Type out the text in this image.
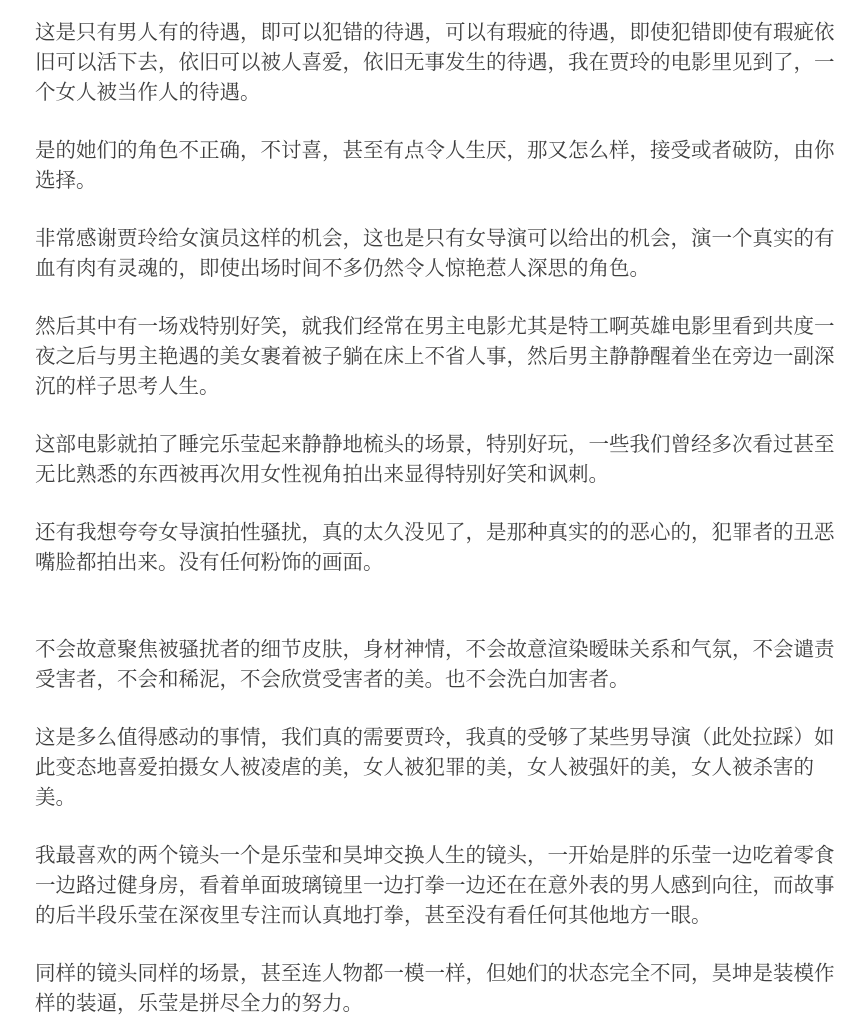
这是只有男人有的待遇，即可以犯错的待遇，可以有瑕疵的待遇，即使犯错即使有瑕疵依旧可以活下去，依旧可以被人喜爱，依旧无事发生的待遇，我在贾玲的电影里见到了，一个女人被当作人的待遇。

是的她们的角色不正确，不讨喜，甚至有点令人生厌，那又怎么样，接受或者破防，由你选择。

非常感谢贾玲给女演员这样的机会，这也是只有女导演可以给出的机会，演一个真实的有血有肉有灵魂的，即使出场时间不多仍然令人惊艳惹人深思的角色。

然后其中有一场戏特别好笑，就我们经常在男主电影尤其是特工啊英雄电影里看到共度一夜之后与男主艳遇的美女裹着被子躺在床上不省人事，然后男主静静醒着坐在旁边一副深沉的样子思考人生。

这部电影就拍了睡完乐莹起来静静地梳头的场景，特别好玩，一些我们曾经多次看过甚至无比熟悉的东西被再次用女性视角拍出来显得特别好笑和讽刺。

还有我想夸夸女导演拍性骚扰，真的太久没见了，是那种真实的的恶心的，犯罪者的丑恶嘴脸都拍出来。没有任何粉饰的画面。

不会故意聚焦被骚扰者的细节皮肤，身材神情，不会故意渲染暧昧关系和气氛，不会谴责受害者，不会和稀泥，不会欣赏受害者的美。也不会洗白加害者。

这是多么值得感动的事情，我们真的需要贾玲，我真的受够了某些男导演（此处拉踩）如此变态地喜爱拍摄女人被凌虐的美，女人被犯罪的美，女人被强奸的美，女人被杀害的美。

我最喜欢的两个镜头一个是乐莹和昊坤交换人生的镜头，一开始是胖的乐莹一边吃着零食一边路过健身房，看着单面玻璃镜里一边打拳一边还在在意外表的男人感到向往，而故事的后半段乐莹在深夜里专注而认真地打拳，甚至没有看任何其他地方一眼。

同样的镜头同样的场景，甚至连人物都一模一样，但她们的状态完全不同，昊坤是装模作样的装逼，乐莹是拼尽全力的努力。
